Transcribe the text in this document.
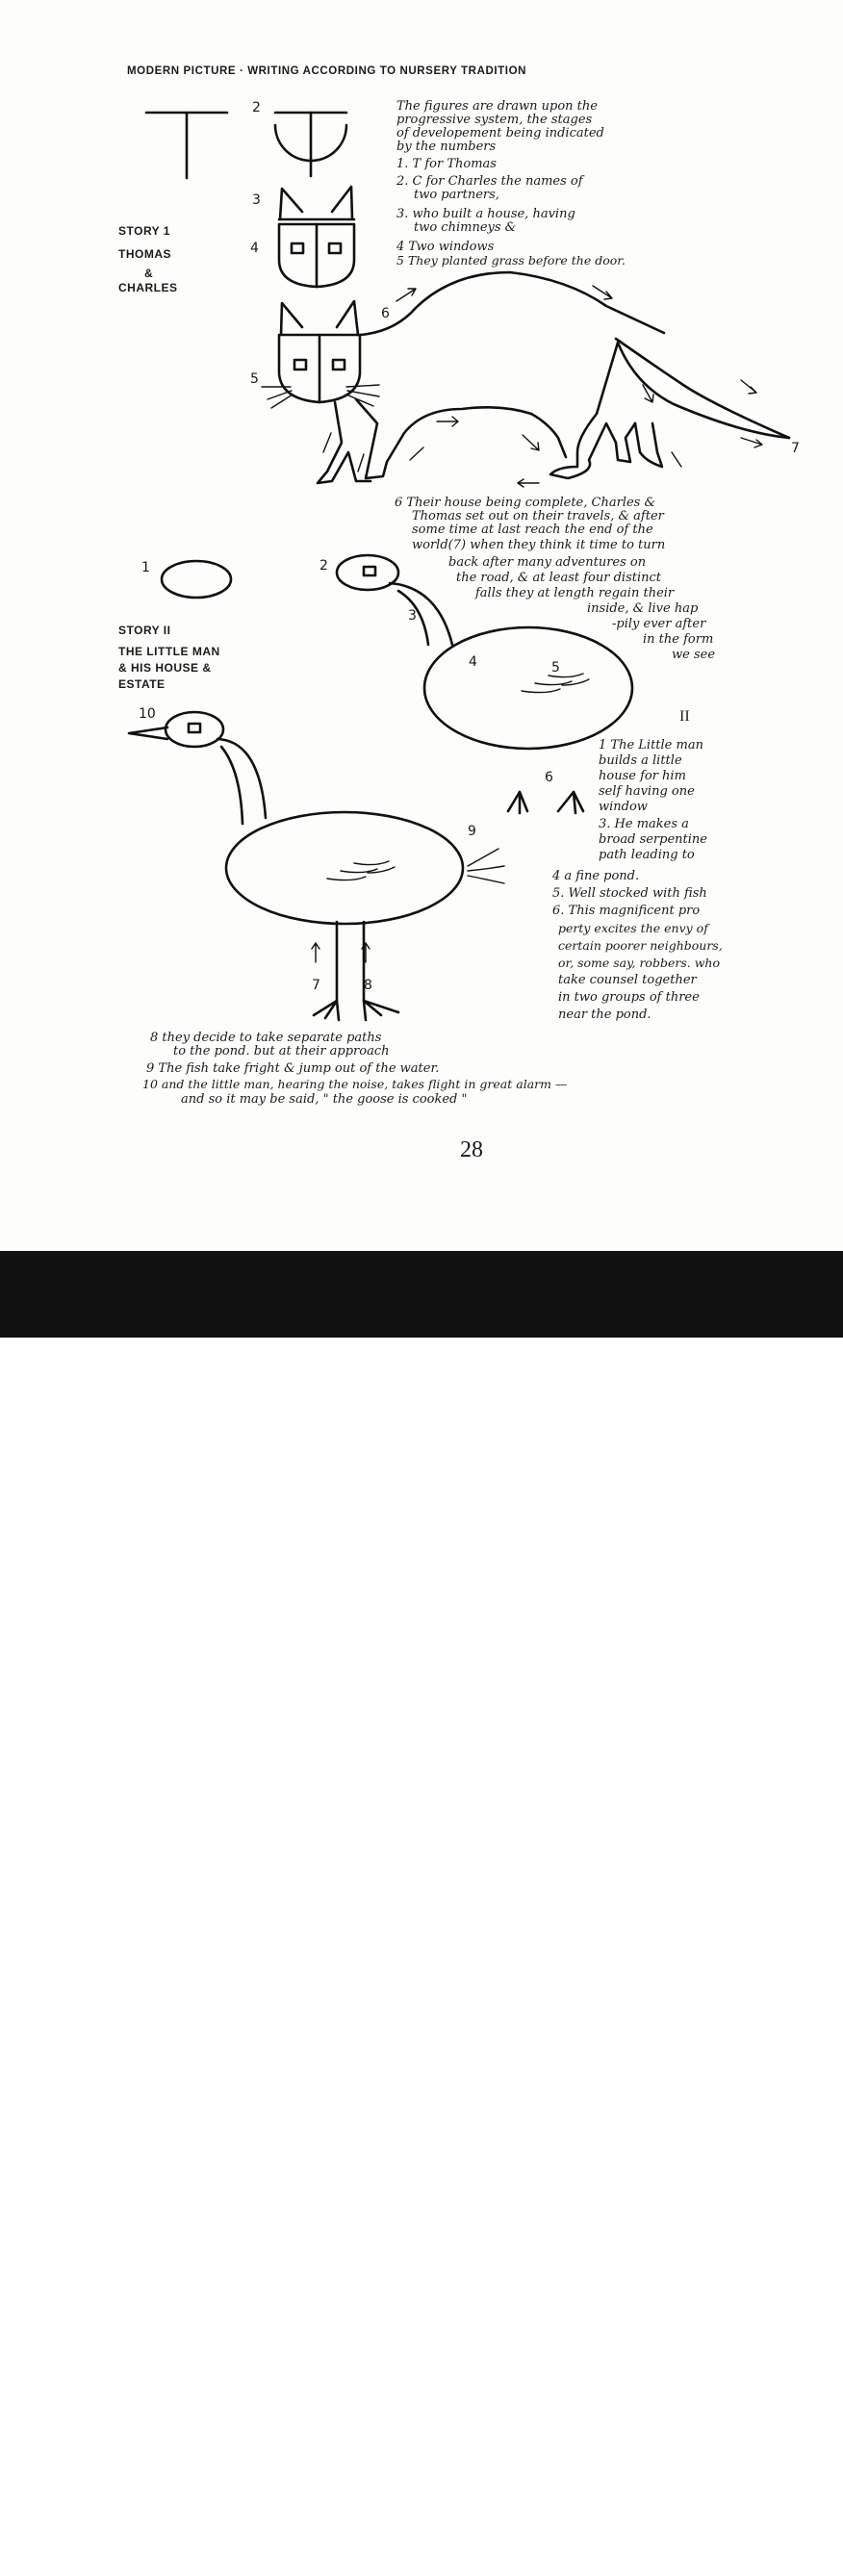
MODERN PICTURE · WRITING ACCORDING TO NURSERY TRADITION
STORY 1
THOMAS
&
CHARLES
2
3
4
5
6
7
The figures are drawn upon the
progressive system, the stages
of developement being indicated
by the numbers
1. T for Thomas
2. C for Charles the names of
two partners,
3. who built a house, having
two chimneys &
4 Two windows
5 They planted grass before the door.
6 Their house being complete, Charles &
Thomas set out on their travels, & after
some time at last reach the end of the
world(7) when they think it time to turn
back after many adventures on
the road, & at least four distinct
falls they at length regain their
inside, & live hap
-pily ever after
in the form
we see
STORY II
THE LITTLE MAN
& HIS HOUSE &
ESTATE
1	2
3
4	5
6
7	8
9
10	II
1 The Little man
builds a little
house for him
self having one
window
3. He makes a
broad serpentine
path leading to
4 a fine pond.
5. Well stocked with fish
6. This magnificent pro
perty excites the envy of
certain poorer neighbours,
or, some say, robbers. who
take counsel together
in two groups of three
near the pond.
8 they decide to take separate paths
to the pond. but at their approach
9 The fish take fright & jump out of the water.
10 and the little man, hearing the noise, takes flight in great alarm —
and so it may be said, " the goose is cooked "
28
alamy	H99X08
Image ID: H99X08	www.alamy.com
